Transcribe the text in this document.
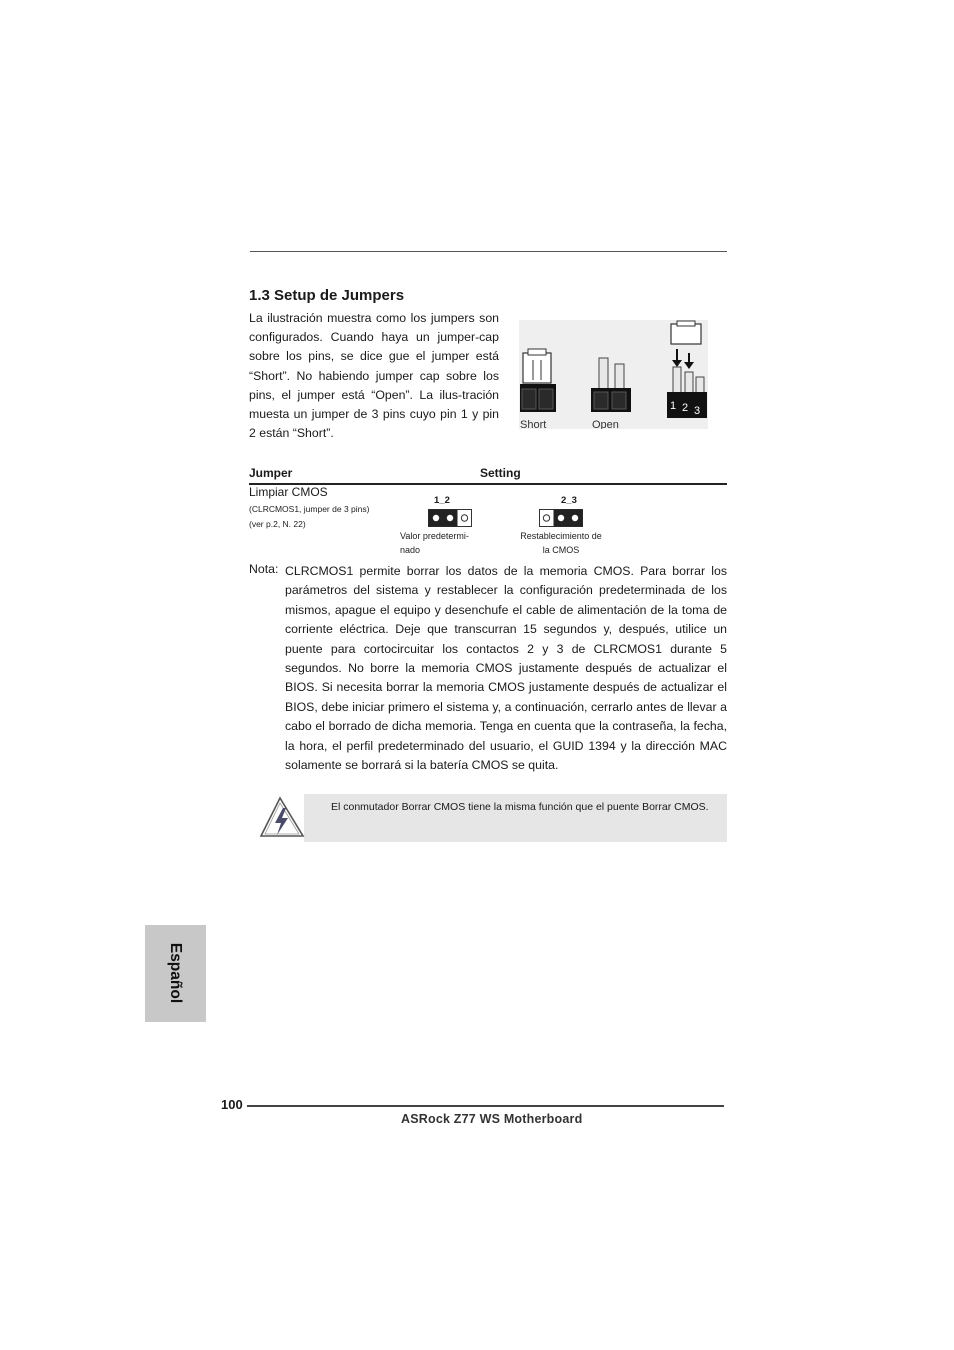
1.3 Setup de Jumpers
La ilustración muestra como los jumpers son configurados. Cuando haya un jumper-cap sobre los pins, se dice gue el jumper está “Short”. No habiendo jumper cap sobre los pins, el jumper está “Open”. La ilus-tración muesta un jumper de 3 pins cuyo pin 1 y pin 2 están “Short”.
1 2 3
Short	Open
Jumper	Setting
Limpiar CMOS
(CLRCMOS1, jumper de 3 pins)
(ver p.2, N. 22)
1_2
Valor predetermi-
nado
2_3
Restablecimiento de
la CMOS
Nota: CLRCMOS1 permite borrar los datos de la memoria CMOS. Para borrar los parámetros del sistema y restablecer la configuración predeterminada de los mismos, apague el equipo y desenchufe el cable de alimentación de la toma de corriente eléctrica. Deje que transcurran 15 segundos y, después, utilice un puente para cortocircuitar los contactos 2 y 3 de CLRCMOS1 durante 5 segundos. No borre la memoria CMOS justamente después de actualizar el BIOS. Si necesita borrar la memoria CMOS justamente después de actualizar el BIOS, debe iniciar primero el sistema y, a continuación, cerrarlo antes de llevar a cabo el borrado de dicha memoria. Tenga en cuenta que la contraseña, la fecha, la hora, el perfil predeterminado del usuario, el GUID 1394 y la dirección MAC solamente se borrará si la batería CMOS se quita.
El conmutador Borrar CMOS tiene la misma función que el puente Borrar CMOS.
Español
100
ASRock Z77 WS Motherboard
